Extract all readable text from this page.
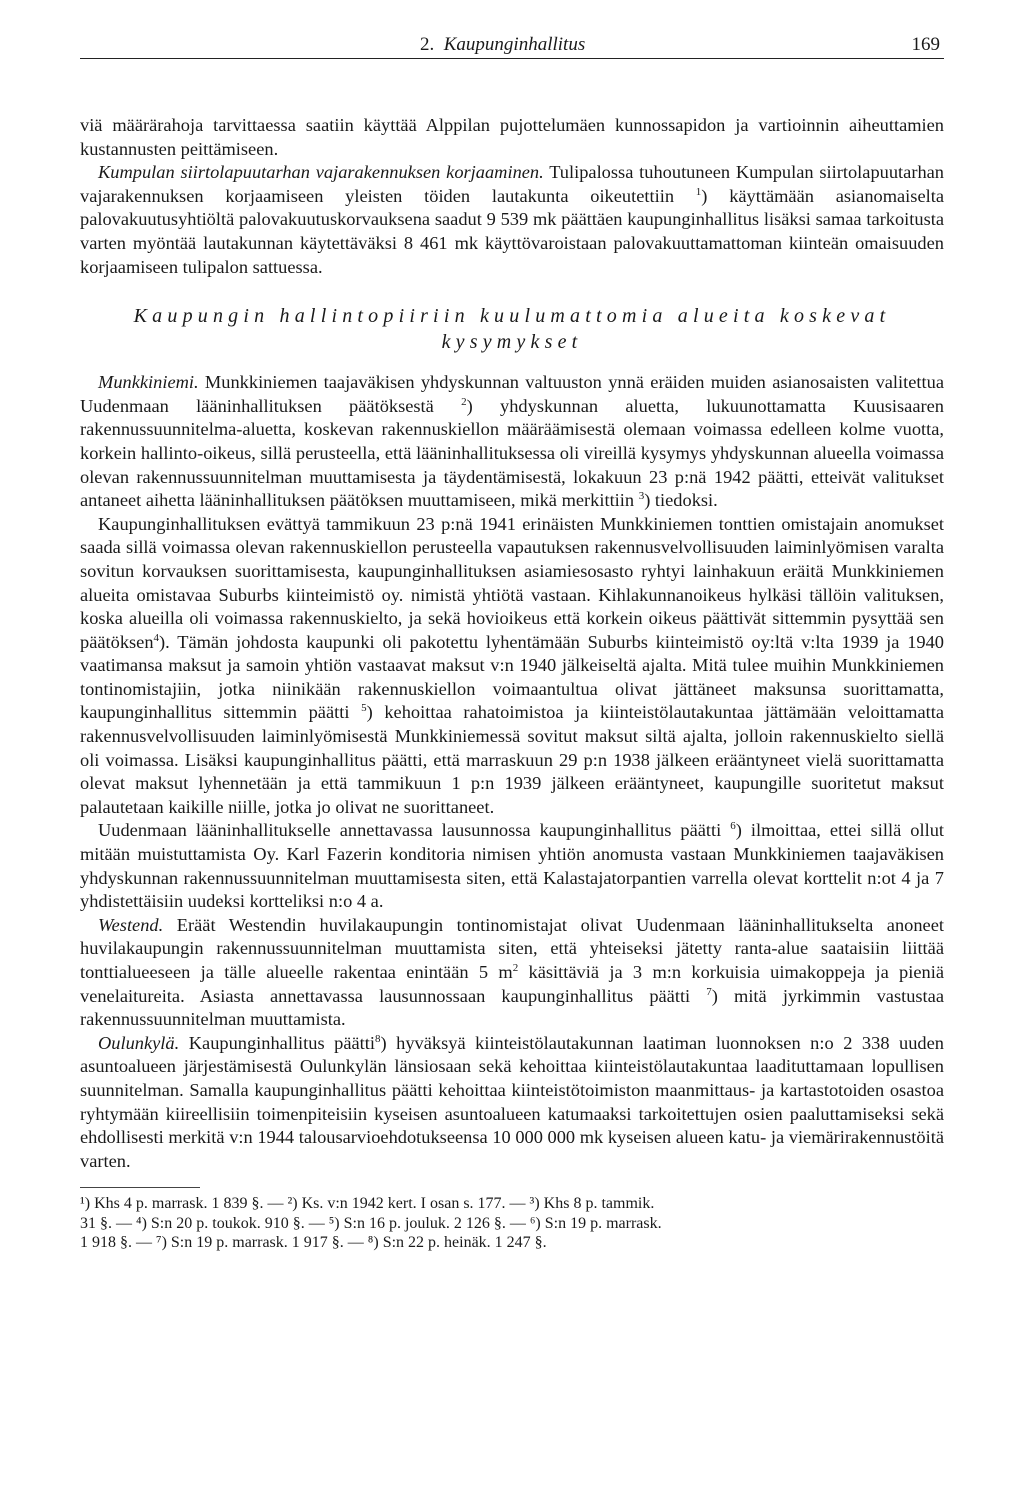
2. Kaupunginhallitus	169

viä määrärahoja tarvittaessa saatiin käyttää Alppilan pujottelumäen kunnossapidon ja vartioinnin aiheuttamien kustannusten peittämiseen.

Kumpulan siirtolapuutarhan vajarakennuksen korjaaminen. Tulipalossa tuhoutuneen Kumpulan siirtolapuutarhan vajarakennuksen korjaamiseen yleisten töiden lautakunta oikeutettiin $^1$) käyttämään asianomaiselta palovakuutusyhtiöltä palovakuutuskorvauksena saadut 9 539 mk päättäen kaupunginhallitus lisäksi samaa tarkoitusta varten myöntää lautakunnan käytettäväksi 8 461 mk käyttövaroistaan palovakuuttamattoman kiinteän omaisuuden korjaamiseen tulipalon sattuessa.

Kaupungin hallintopiiriin kuulumattomia alueita koskevat
kysymykset

Munkkiniemi. Munkkiniemen taajaväkisen yhdyskunnan valtuuston ynnä eräiden muiden asianosaisten valitettua Uudenmaan lääninhallituksen päätöksestä $^2$) yhdyskunnan aluetta, lukuunottamatta Kuusisaaren rakennussuunnitelma-aluetta, koskevan rakennuskiellon määräämisestä olemaan voimassa edelleen kolme vuotta, korkein hallinto-oikeus, sillä perusteella, että lääninhallituksessa oli vireillä kysymys yhdyskunnan alueella voimassa olevan rakennussuunnitelman muuttamisesta ja täydentämisestä, lokakuun 23 p:nä 1942 päätti, etteivät valitukset antaneet aihetta lääninhallituksen päätöksen muuttamiseen, mikä merkittiin $^3$) tiedoksi.

Kaupunginhallituksen evättyä tammikuun 23 p:nä 1941 erinäisten Munkkiniemen tonttien omistajain anomukset saada sillä voimassa olevan rakennuskiellon perusteella vapautuksen rakennusvelvollisuuden laiminlyömisen varalta sovitun korvauksen suorittamisesta, kaupunginhallituksen asiamiesosasto ryhtyi lainhakuun eräitä Munkkiniemen alueita omistavaa Suburbs kiinteimistö oy. nimistä yhtiötä vastaan. Kihlakunnanoikeus hylkäsi tällöin valituksen, koska alueilla oli voimassa rakennuskielto, ja sekä hovioikeus että korkein oikeus päättivät sittemmin pysyttää sen päätöksen$^4$). Tämän johdosta kaupunki oli pakotettu lyhentämään Suburbs kiinteimistö oy:ltä v:lta 1939 ja 1940 vaatimansa maksut ja samoin yhtiön vastaavat maksut v:n 1940 jälkeiseltä ajalta. Mitä tulee muihin Munkkiniemen tontinomistajiin, jotka niinikään rakennuskiellon voimaantultua olivat jättäneet maksunsa suorittamatta, kaupunginhallitus sittemmin päätti $^5$) kehoittaa rahatoimistoa ja kiinteistölautakuntaa jättämään veloittamatta rakennusvelvollisuuden laiminlyömisestä Munkkiniemessä sovitut maksut siltä ajalta, jolloin rakennuskielto siellä oli voimassa. Lisäksi kaupunginhallitus päätti, että marraskuun 29 p:n 1938 jälkeen erääntyneet vielä suorittamatta olevat maksut lyhennetään ja että tammikuun 1 p:n 1939 jälkeen erääntyneet, kaupungille suoritetut maksut palautetaan kaikille niille, jotka jo olivat ne suorittaneet.

Uudenmaan lääninhallitukselle annettavassa lausunnossa kaupunginhallitus päätti $^6$) ilmoittaa, ettei sillä ollut mitään muistuttamista Oy. Karl Fazerin konditoria nimisen yhtiön anomusta vastaan Munkkiniemen taajaväkisen yhdyskunnan rakennussuunnitelman muuttamisesta siten, että Kalastajatorpantien varrella olevat korttelit n:ot 4 ja 7 yhdistettäisiin uudeksi kortteliksi n:o 4 a.

Westend. Eräät Westendin huvilakaupungin tontinomistajat olivat Uudenmaan lääninhallitukselta anoneet huvilakaupungin rakennussuunnitelman muuttamista siten, että yhteiseksi jätetty ranta-alue saataisiin liittää tonttialueeseen ja tälle alueelle rakentaa enintään 5 $m^2$ käsittäviä ja 3 m:n korkuisia uimakoppeja ja pieniä venelaitureita. Asiasta annettavassa lausunnossaan kaupunginhallitus päätti $^7$) mitä jyrkimmin vastustaa rakennussuunnitelman muuttamista.

Oulunkylä. Kaupunginhallitus päätti$^8$) hyväksyä kiinteistölautakunnan laatiman luonnoksen n:o 2 338 uuden asuntoalueen järjestämisestä Oulunkylän länsiosaan sekä kehoittaa kiinteistölautakuntaa laadituttamaan lopullisen suunnitelman. Samalla kaupunginhallitus päätti kehoittaa kiinteistötoimiston maanmittaus- ja kartastotoiden osastoa ryhtymään kiireellisiin toimenpiteisiin kyseisen asuntoalueen katumaaksi tarkoitettujen osien paaluttamiseksi sekä ehdollisesti merkitä v:n 1944 talousarvioehdotukseensa 10 000 000 mk kyseisen alueen katu- ja viemärirakennustöitä varten.

¹) Khs 4 p. marrask. 1 839 §. — ²) Ks. v:n 1942 kert. I osan s. 177. — ³) Khs 8 p. tammik.

31 §. — ⁴) S:n 20 p. toukok. 910 §. — ⁵) S:n 16 p. jouluk. 2 126 §. — ⁶) S:n 19 p. marrask.

1 918 §. — ⁷) S:n 19 p. marrask. 1 917 §. — ⁸) S:n 22 p. heinäk. 1 247 §.
